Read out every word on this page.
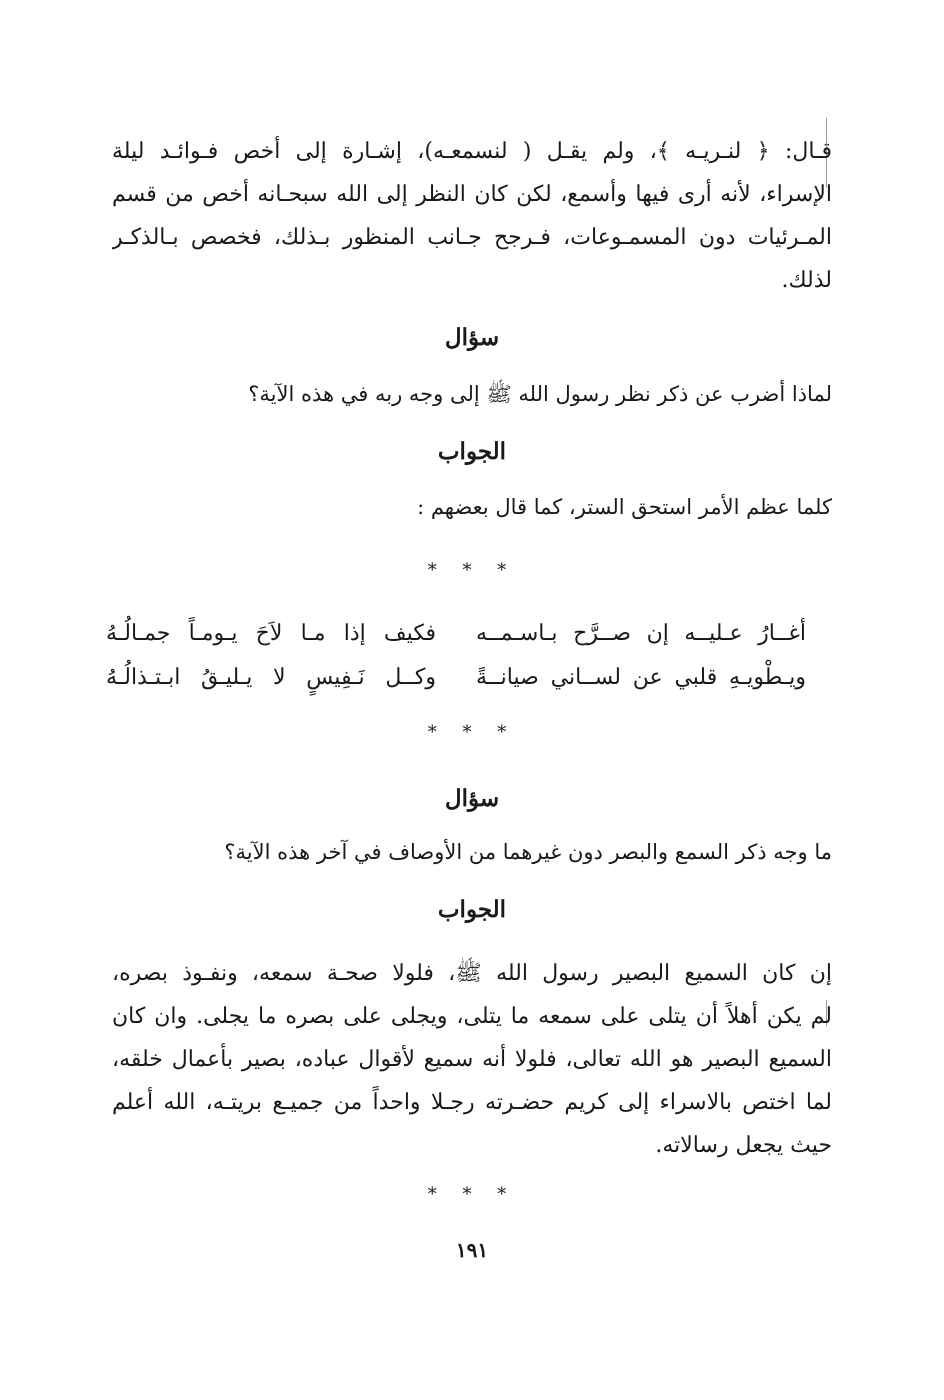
قـال: ﴿ لنـريـه ﴾، ولم يقـل ( لنسمعـه)، إشـارة إلى أخص فـوائـد ليلة
الإسراء، لأنه أرى فيها وأسمع، لكن كان النظر إلى الله سبحـانه أخص من قسم
المـرئيات دون المسمـوعات، فـرجح جـانب المنظور بـذلك، فخصص بـالذكـر
لذلك.
سؤال
لماذا أضرب عن ذكر نظر رسول الله ﷺ إلى وجه ربه في هذه الآية؟
الجواب
كلما عظم الأمر استحق الستر، كما قال بعضهم :
* * *
أغــارُ عـليــه إن صــرَّح بـاسـمــه
فكيف إذا مـا لاَحَ يـومـاً جمـالُـهُ
ويـطْويـهِ قلبي عن لســاني صيانــةً
وكــل نَـفِيسٍ لا يـليـقُ ابـتـذالُـهُ
* * *
سؤال
ما وجه ذكر السمع والبصر دون غيرهما من الأوصاف في آخر هذه الآية؟
الجواب
إن كان السميع البصير رسول الله ﷺ، فلولا صحـة سمعه، ونفـوذ بصره،
لم يكن أهلاً أن يتلى على سمعه ما يتلى، ويجلى على بصره ما يجلى. وان كان
السميع البصير هو الله تعالى، فلولا أنه سميع لأقوال عباده، بصير بأعمال خلقه،
لما اختص بالاسراء إلى كريم حضـرته رجـلا واحداً من جميـع بريتـه، الله أعلم
حيث يجعل رسالاته.
* * *
١٩١
